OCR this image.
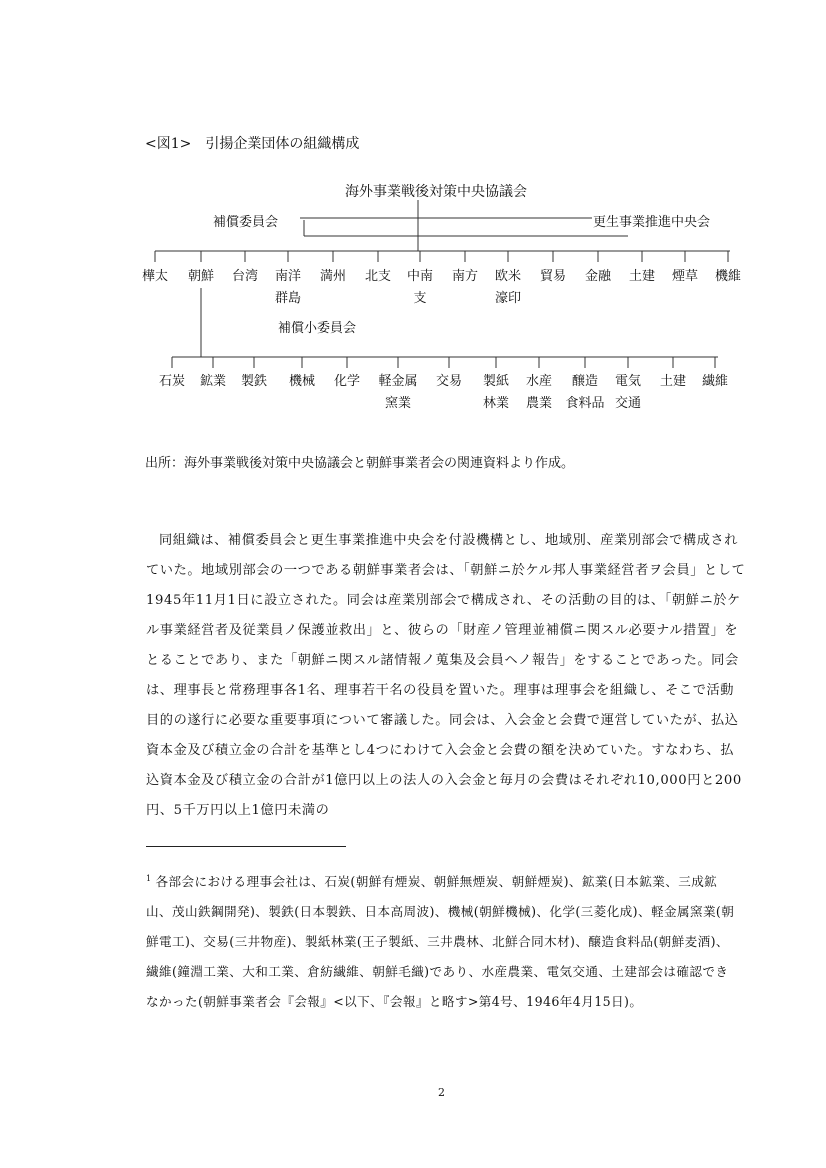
<図1>　引揚企業団体の組織構成
海外事業戦後対策中央協議会
補償委員会	更生事業推進中央会
樺太	朝鮮	台湾	南洋
群島
満州	北支	中南
支
南方	欧米
濠印
貿易	金融	土建	煙草	機維
補償小委員会
石炭	鉱業	製鉄	機械	化学	軽金属
窯業
交易	製紙
林業
水産
農業
醸造
食料品
電気
交通
土建	繊維
出所：海外事業戦後対策中央協議会と朝鮮事業者会の関連資料より作成。

同組織は、補償委員会と更生事業推進中央会を付設機構とし、地域別、産業別部会で構成されていた。地域別部会の一つである朝鮮事業者会は、「朝鮮ニ於ケル邦人事業経営者ヲ会員」として1945年11月1日に設立された。同会は産業別部会で構成され、その活動の目的は、「朝鮮ニ於ケル事業経営者及従業員ノ保護並救出」と、彼らの「財産ノ管理並補償ニ関スル必要ナル措置」をとることであり、また「朝鮮ニ関スル諸情報ノ蒐集及会員ヘノ報告」をすることであった。同会は、理事長と常務理事各1名、理事若干名の役員を置いた。理事は理事会を組織し、そこで活動目的の遂行に必要な重要事項について審議した。同会は、入会金と会費で運営していたが、払込資本金及び積立金の合計を基準とし4つにわけて入会金と会費の額を決めていた。すなわち、払込資本金及び積立金の合計が1億円以上の法人の入会金と毎月の会費はそれぞれ10,000円と200円、5千万円以上1億円未満の

$^1$ 各部会における理事会社は、石炭(朝鮮有煙炭、朝鮮無煙炭、朝鮮煙炭)、鉱業(日本鉱業、三成鉱山、茂山鉄鋼開発)、製鉄(日本製鉄、日本高周波)、機械(朝鮮機械)、化学(三菱化成)、軽金属窯業(朝鮮電工)、交易(三井物産)、製紙林業(王子製紙、三井農林、北鮮合同木材)、醸造食料品(朝鮮麦酒)、繊維(鐘淵工業、大和工業、倉紡繊維、朝鮮毛織)であり、水産農業、電気交通、土建部会は確認できなかった(朝鮮事業者会『会報』<以下、『会報』と略す>第4号、1946年4月15日)。

2
